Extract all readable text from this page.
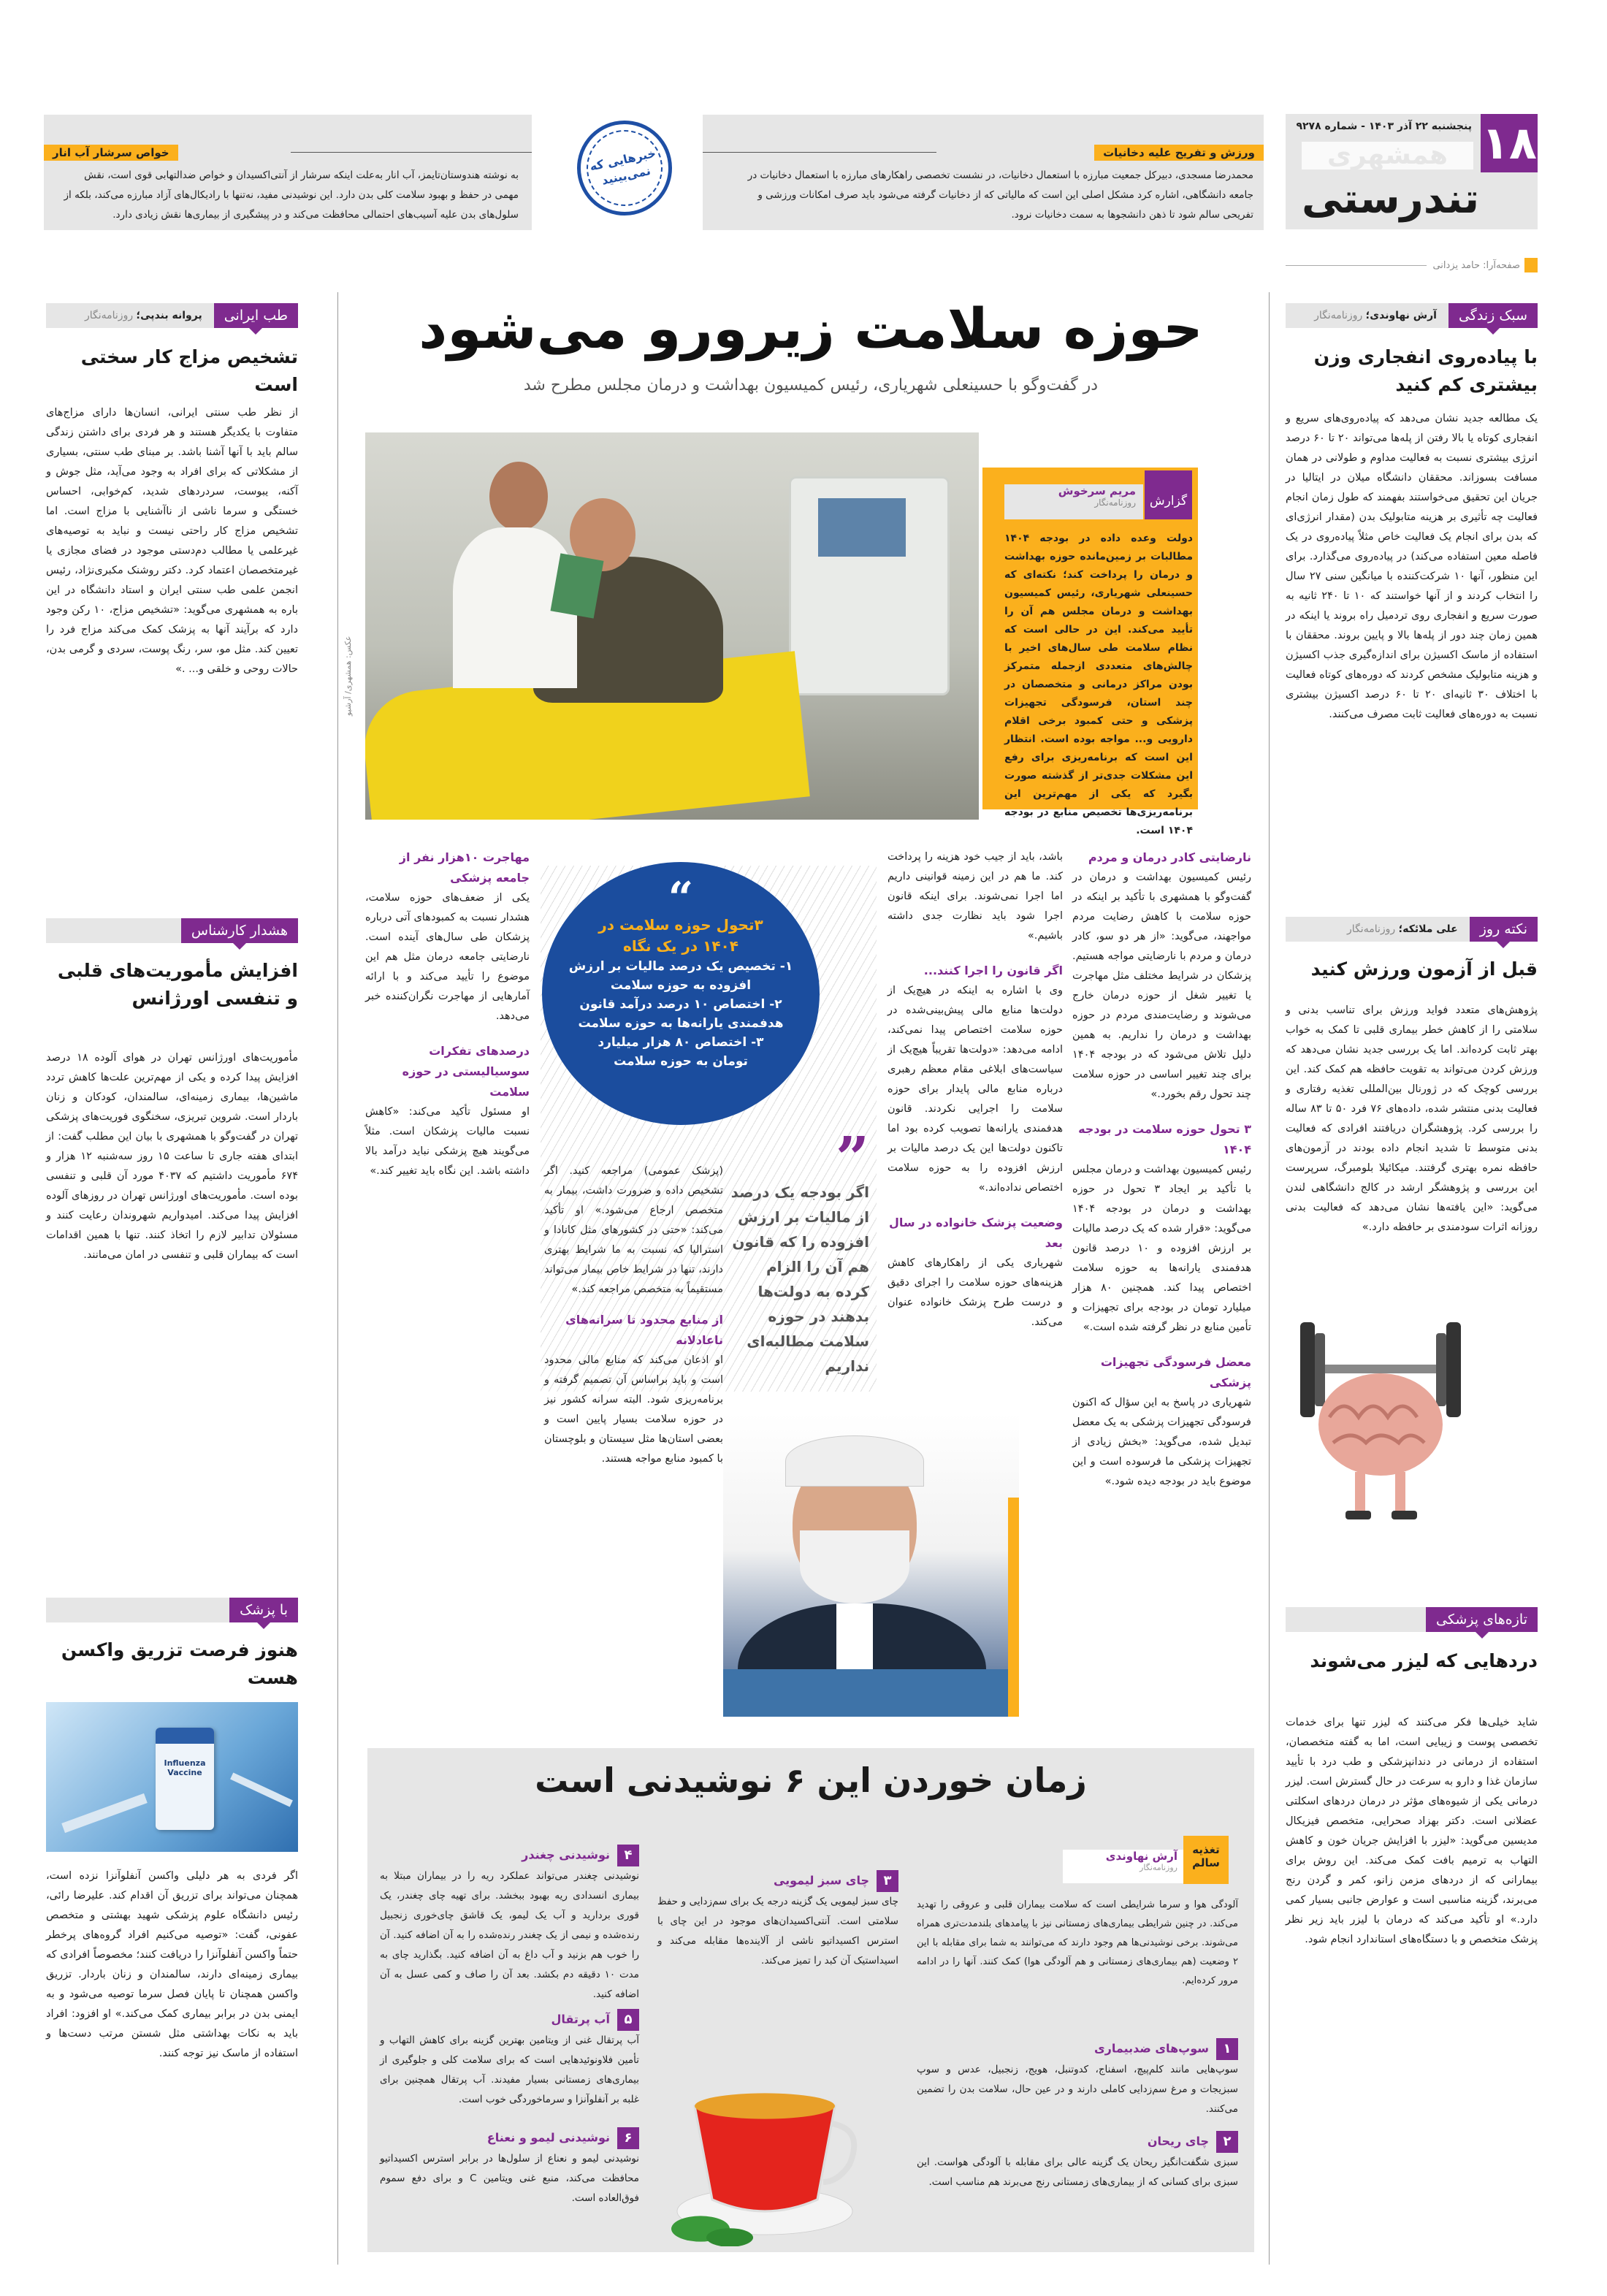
۱۸
پنجشنبه ۲۲ آذر ۱۴۰۳ - شماره ۹۲۷۸
همشهری
تندرستی
صفحه‌آرا: حامد یزدانی
خبرهایی که نمی‌بینید
ورزش و تفریح علیه دخانیات
محمدرضا مسجدی، دبیرکل جمعیت مبارزه با استعمال دخانیات، در نشست تخصصی راهکارهای مبارزه با استعمال دخانیات در جامعه دانشگاهی، اشاره کرد مشکل اصلی این است که مالیاتی که از دخانیات گرفته می‌شود باید صرف امکانات ورزشی و تفریحی سالم شود تا ذهن دانشجوها به سمت دخانیات نرود.
خواص سرشار آب انار
به نوشته هندوستان‌تایمز، آب انار به‌علت اینکه سرشار از آنتی‌اکسیدان و خواص ضدالتهابی قوی است، نقش مهمی در حفظ و بهبود سلامت کلی بدن دارد. این نوشیدنی مفید، نه‌تنها با رادیکال‌های آزاد مبارزه می‌کند، بلکه از سلول‌های بدن علیه آسیب‌های احتمالی محافظت می‌کند و در پیشگیری از بیماری‌ها نقش زیادی دارد.
سبک زندگی
آرش نهاوندی؛ روزنامه‌نگار
با پیاده‌روی انفجاری وزن بیشتری کم کنید
یک مطالعه جدید نشان می‌دهد که پیاده‌روی‌های سریع و انفجاری کوتاه یا بالا رفتن از پله‌ها می‌تواند ۲۰ تا ۶۰ درصد انرژی بیشتری نسبت به فعالیت مداوم و طولانی در همان مسافت بسوزاند. محققان دانشگاه میلان در ایتالیا در جریان این تحقیق می‌خواستند بفهمند که طول زمان انجام فعالیت چه تأثیری بر هزینه متابولیک بدن (مقدار انرژی‌ای که بدن برای انجام یک فعالیت خاص مثلاً پیاده‌روی در یک فاصله معین استفاده می‌کند) در پیاده‌روی می‌گذارد. برای این منظور، آنها ۱۰ شرکت‌کننده با میانگین سنی ۲۷ سال را انتخاب کردند و از آنها خواستند که ۱۰ تا ۲۴۰ ثانیه به صورت سریع و انفجاری روی تردمیل راه بروند یا اینکه در همین زمان چند دور از پله‌ها بالا و پایین بروند. محققان با استفاده از ماسک اکسیژن برای اندازه‌گیری جذب اکسیژن و هزینه متابولیک مشخص کردند که دوره‌های کوتاه فعالیت با اختلاف ۳۰ ثانیه‌ای ۲۰ تا ۶۰ درصد اکسیژن بیشتری نسبت به دوره‌های فعالیت ثابت مصرف می‌کنند.
نکته روز
علی ملائکه؛ روزنامه‌نگار
قبل از آزمون ورزش کنید
پژوهش‌های متعدد فواید ورزش برای تناسب بدنی و سلامتی را از کاهش خطر بیماری قلبی تا کمک به خواب بهتر ثابت کرده‌اند. اما یک بررسی جدید نشان می‌دهد که ورزش کردن می‌تواند به تقویت حافظه هم کمک کند. این بررسی کوچک که در ژورنال بین‌المللی تغذیه رفتاری و فعالیت بدنی منتشر شده، داده‌های ۷۶ فرد ۵۰ تا ۸۳ ساله را بررسی کرد. پژوهشگران دریافتند افرادی که فعالیت بدنی متوسط تا شدید انجام داده بودند در آزمون‌های حافظه نمره بهتری گرفتند. میکائیلا بلومبرگ، سرپرست این بررسی و پژوهشگر ارشد در کالج دانشگاهی لندن می‌گوید: «این یافته‌ها نشان می‌دهد که فعالیت بدنی روزانه اثرات سودمندی بر حافظه دارد.»
تازه‌های پزشکی
دردهایی که لیزر می‌شوند
شاید خیلی‌ها فکر می‌کنند که لیزر تنها برای خدمات تخصصی پوست و زیبایی است، اما به گفته متخصصان، استفاده از درمانی در دندانپزشکی و طب درد با تأیید سازمان غذا و دارو به سرعت در حال گسترش است. لیزر درمانی یکی از شیوه‌های مؤثر در درمان دردهای اسکلتی عضلانی است. دکتر بهزاد صحرایی، متخصص فیزیکال مدیسین می‌گوید: «لیزر با افزایش جریان خون و کاهش التهاب به ترمیم بافت کمک می‌کند. این روش برای بیمارانی که از دردهای مزمن زانو، کمر و گردن رنج می‌برند، گزینه مناسبی است و عوارض جانبی بسیار کمی دارد.» او تأکید می‌کند که درمان با لیزر باید زیر نظر پزشک متخصص و با دستگاه‌های استاندارد انجام شود.
طب ایرانی
پروانه بندپی؛ روزنامه‌نگار
تشخیص مزاج کار سختی است
از نظر طب سنتی ایرانی، انسان‌ها دارای مزاج‌های متفاوت با یکدیگر هستند و هر فردی برای داشتن زندگی سالم باید با آنها آشنا باشد. بر مبنای طب سنتی، بسیاری از مشکلاتی که برای افراد به وجود می‌آید، مثل جوش و آکنه، یبوست، سردردهای شدید، کم‌خوابی، احساس خستگی و سرما ناشی از ناآشنایی با مزاج است. اما تشخیص مزاج کار راحتی نیست و نباید به توصیه‌های غیرعلمی یا مطالب دم‌دستی موجود در فضای مجازی یا غیرمتخصصان اعتماد کرد. دکتر روشنک مکبری‌نژاد، رئیس انجمن علمی طب سنتی ایران و استاد دانشگاه در این باره به همشهری می‌گوید: «تشخیص مزاج، ۱۰ رکن وجود دارد که برآیند آنها به پزشک کمک می‌کند مزاج فرد را تعیین کند. مثل مو، سر، رنگ پوست، سردی و گرمی بدن، حالات روحی و خلقی و... .»
هشدار کارشناس
افزایش مأموریت‌های قلبی و تنفسی اورژانس
مأموریت‌های اورژانس تهران در هوای آلوده ۱۸ درصد افزایش پیدا کرده و یکی از مهم‌ترین علت‌ها کاهش تردد ماشین‌ها، بیماری زمینه‌ای، سالمندان، کودکان و زنان باردار است. شروین تبریزی، سخنگوی فوریت‌های پزشکی تهران در گفت‌وگو با همشهری با بیان این مطلب گفت: از ابتدای هفته جاری تا ساعت ۱۵ روز سه‌شنبه ۱۲ هزار و ۶۷۴ مأموریت داشتیم که ۴۰۳۷ مورد آن قلبی و تنفسی بوده است. مأموریت‌های اورژانس تهران در روزهای آلوده افزایش پیدا می‌کند. امیدواریم شهروندان رعایت کنند و مسئولان تدابیر لازم را اتخاذ کنند. تنها با همین اقدامات است که بیماران قلبی و تنفسی در امان می‌مانند.
با پزشک
هنوز فرصت تزریق واکسن هست
Influenza Vaccine
اگر فردی به هر دلیلی واکسن آنفلوآنزا نزده است، همچنان می‌تواند برای تزریق آن اقدام کند. علیرضا رائی، رئیس دانشگاه علوم پزشکی شهید بهشتی و متخصص عفونی، گفت: «توصیه می‌کنیم افراد گروه‌های پرخطر حتماً واکسن آنفلوآنزا را دریافت کنند؛ مخصوصاً افرادی که بیماری زمینه‌ای دارند، سالمندان و زنان باردار. تزریق واکسن همچنان تا پایان فصل سرما توصیه می‌شود و به ایمنی بدن در برابر بیماری کمک می‌کند.» او افزود: افراد باید به نکات بهداشتی مثل شستن مرتب دست‌ها و استفاده از ماسک نیز توجه کنند.
حوزه سلامت زیرورو می‌شود
در گفت‌وگو با حسینعلی شهریاری، رئیس کمیسیون بهداشت و درمان مجلس مطرح شد
عکس: همشهری/ آرشیو
مریم سرخوش
روزنامه‌نگار	گزارش
دولت وعده داده در بودجه ۱۴۰۴ مطالبات بر زمین‌مانده حوزه بهداشت و درمان را پرداخت کند؛ نکته‌ای که حسینعلی شهریاری، رئیس کمیسیون بهداشت و درمان مجلس هم آن را تأیید می‌کند. این در حالی است که نظام سلامت طی سال‌های اخیر با چالش‌های متعددی ازجمله متمرکز بودن مراکز درمانی و متخصصان در چند استان، فرسودگی تجهیزات پزشکی و حتی کمبود برخی اقلام دارویی و... مواجه بوده است. انتظار این است که برنامه‌ریزی برای رفع این مشکلات جدی‌تر از گذشته صورت بگیرد که یکی از مهم‌ترین این برنامه‌ریزی‌ها تخصیص منابع در بودجه ۱۴۰۴ است.
“
۳تحول حوزه سلامت در ۱۴۰۴ در یک نگاه
۱- تخصیص یک درصد مالیات بر ارزش افزوده به حوزه سلامت
۲- اختصاص ۱۰ درصد درآمد قانون هدفمندی یارانه‌ها به حوزه سلامت
۳- اختصاص ۸۰ هزار میلیارد تومان به حوزه سلامت
”
اگر بودجه یک درصد از مالیات بر ارزش افزوده را که قانون هم آن را الزام کرده به دولت‌ها بدهند در حوزه سلامت مطالبه‌ای نداریم
نارضایتی کادر درمان و مردم
رئیس کمیسیون بهداشت و درمان در گفت‌وگو با همشهری با تأکید بر اینکه در حوزه سلامت با کاهش رضایت مردم مواجهند، می‌گوید: «از هر دو سو، کادر درمان و مردم با نارضایتی مواجه هستیم. پزشکان در شرایط مختلف مثل مهاجرت یا تغییر شغل از حوزه درمان خارج می‌شوند و رضایت‌مندی مردم در حوزه بهداشت و درمان را نداریم. به همین دلیل تلاش می‌شود که در بودجه ۱۴۰۴ برای چند تغییر اساسی در حوزه سلامت چند تحول رقم بخورد.»
۳ تحول حوزه سلامت در بودجه ۱۴۰۴
رئیس کمیسیون بهداشت و درمان مجلس با تأکید بر ایجاد ۳ تحول در حوزه بهداشت و درمان در بودجه ۱۴۰۴ می‌گوید: «قرار شده که یک درصد مالیات بر ارزش افزوده و ۱۰ درصد قانون هدفمندی یارانه‌ها به حوزه سلامت اختصاص پیدا کند. همچنین ۸۰ هزار میلیارد تومان در بودجه برای تجهیزات و تأمین منابع در نظر گرفته شده است.»
معضل فرسودگی تجهیزات پزشکی
شهریاری در پاسخ به این سؤال که اکنون فرسودگی تجهیزات پزشکی به یک معضل تبدیل شده، می‌گوید: «بخش زیادی از تجهیزات پزشکی ما فرسوده است و این موضوع باید در بودجه دیده شود.»
باشد، باید از جیب خود هزینه را پرداخت کند. ما هم در این زمینه قوانینی داریم اما اجرا نمی‌شوند. برای اینکه قانون اجرا شود باید نظارت جدی داشته باشیم.»
اگر قانون را اجرا کنند...
وی با اشاره به اینکه در هیچ‌یک از دولت‌ها منابع مالی پیش‌بینی‌شده در حوزه سلامت اختصاص پیدا نمی‌کند، ادامه می‌دهد: «دولت‌ها تقریباً هیچ‌یک از سیاست‌های ابلاغی مقام معظم رهبری درباره منابع مالی پایدار برای حوزه سلامت را اجرایی نکردند. قانون هدفمندی یارانه‌ها تصویب کرده بود اما تاکنون دولت‌ها این یک درصد مالیات بر ارزش افزوده را به حوزه سلامت اختصاص نداده‌اند.»
وضعیت پزشک خانواده در سال بعد
شهریاری یکی از راهکارهای کاهش هزینه‌های حوزه سلامت را اجرای دقیق و درست طرح پزشک خانواده عنوان می‌کند.
(پزشک عمومی) مراجعه کنید. اگر تشخیص داده و ضرورت داشت، بیمار به متخصص ارجاع می‌شود.» او تأکید می‌کند: «حتی در کشورهای مثل کانادا و استرالیا که نسبت به ما شرایط بهتری دارند، تنها در شرایط خاص بیمار می‌تواند مستقیماً به متخصص مراجعه کند.»
از منابع محدود تا سرانه‌های ناعادلانه
او اذعان می‌کند که منابع مالی محدود است و باید براساس آن تصمیم گرفته و برنامه‌ریزی شود. البته سرانه کشور نیز در حوزه سلامت بسیار پایین است و بعضی استان‌ها مثل سیستان و بلوچستان با کمبود منابع مواجه هستند.
مهاجرت ۱۰هزار نفر از جامعه پزشکی
یکی از ضعف‌های حوزه سلامت، هشدار نسبت به کمبودهای آتی درباره پزشکان طی سال‌های آینده است. نارضایتی جامعه درمان مثل هم این موضوع را تأیید می‌کند و با ارائه آمارهایی از مهاجرت نگران‌کننده خبر می‌دهد.
درصدهای تفکرات سوسیالیستی در حوزه سلامت
او مسئول تأکید می‌کند: «کاهش نسبت مالیات پزشکان است. مثلاً می‌گویند هیچ پزشکی نباید درآمد بالا داشته باشد. این نگاه باید تغییر کند.»
زمان خوردن این ۶ نوشیدنی است
تغذیه سالم
آرش نهاوندی
روزنامه‌نگار
آلودگی هوا و سرما شرایطی است که سلامت بیماران قلبی و عروقی را تهدید می‌کند. در چنین شرایطی بیماری‌های زمستانی نیز با پیامدهای بلندمدت‌تری همراه می‌شوند. برخی نوشیدنی‌ها هم وجود دارند که می‌توانند به شما برای مقابله با این ۲ وضعیت (هم بیماری‌های زمستانی و هم آلودگی هوا) کمک کنند. آنها را در ادامه مرور کرده‌ایم.
۱سوپ‌های ضدبیماری
سوپ‌هایی مانند کلم‌پیچ، اسفناج، کدوتنبل، هویج، زنجبیل، عدس و سوپ سبزیجات و مرغ سم‌زدایی کاملی دارند و در عین حال، سلامت بدن را تضمین می‌کنند.
۲چای ریحان
سبزی شگفت‌انگیز ریحان یک گزینه عالی برای مقابله با آلودگی هواست. این سبزی برای کسانی که از بیماری‌های زمستانی رنج می‌برند هم مناسب است.
۳چای سبز لیمویی
چای سبز لیمویی یک گزینه درجه یک برای سم‌زدایی و حفظ سلامتی است. آنتی‌اکسیدان‌های موجود در این چای با استرس اکسیداتیو ناشی از آلاینده‌ها مقابله می‌کند و اسیداستیک آن کبد را تمیز می‌کند.
۴نوشیدنی چغندر
نوشیدنی چغندر می‌تواند عملکرد ریه را در بیماران مبتلا به بیماری انسدادی ریه بهبود ببخشد. برای تهیه چای چغندر، یک قوری بردارید و آب یک لیمو، یک قاشق چای‌خوری زنجبیل رنده‌شده و نیمی از یک چغندر رنده‌شده را به آن اضافه کنید. آن را خوب هم بزنید و آب داغ به آن اضافه کنید. بگذارید چای به مدت ۱۰ دقیقه دم بکشد. بعد آن را صاف و کمی عسل به آن اضافه کنید.
۵آب پرتقال
آب پرتقال غنی از ویتامین بهترین گزینه برای کاهش التهاب و تأمین فلاونوئیدهایی است که برای سلامت کلی و جلوگیری از بیماری‌های زمستانی بسیار مفیدند. آب پرتقال همچنین برای غلبه بر آنفلوآنزا و سرماخوردگی خوب است.
۶نوشیدنی لیمو و نعناع
نوشیدنی لیمو و نعناع از سلول‌ها در برابر استرس اکسیداتیو محافظت می‌کند، منبع غنی ویتامین C و برای دفع سموم فوق‌العاده است.
